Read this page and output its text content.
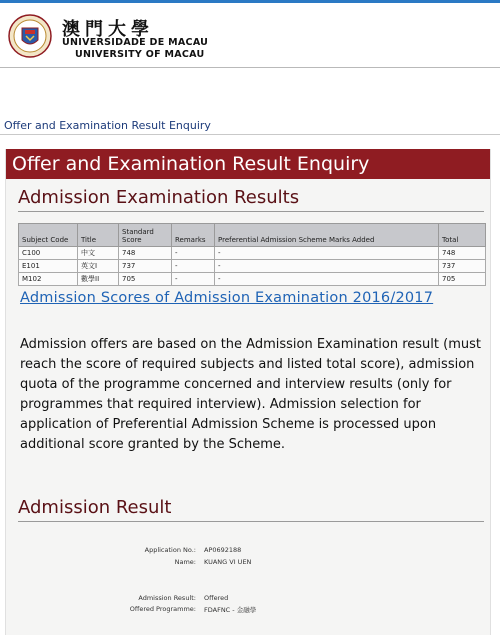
澳門大學
UNIVERSIDADE DE MACAU
UNIVERSITY OF MACAU
Offer and Examination Result Enquiry
Offer and Examination Result Enquiry
Admission Examination Results
Subject Code	Title	Standard Score	Remarks	Preferential Admission Scheme Marks Added	Total
C100	中文	748	-	-	748
E101	英文I	737	-	-	737
M102	數學II	705	-	-	705
Admission Scores of Admission Examination 2016/2017
Admission offers are based on the Admission Examination result (must reach the score of required subjects and listed total score), admission quota of the programme concerned and interview results (only for programmes that required interview). Admission selection for application of Preferential Admission Scheme is processed upon additional score granted by the Scheme.
Admission Result
Application No.: AP0692188
Name: KUANG VI UEN
Admission Result: Offered
Offered Programme: FDAFNC - 金融學
